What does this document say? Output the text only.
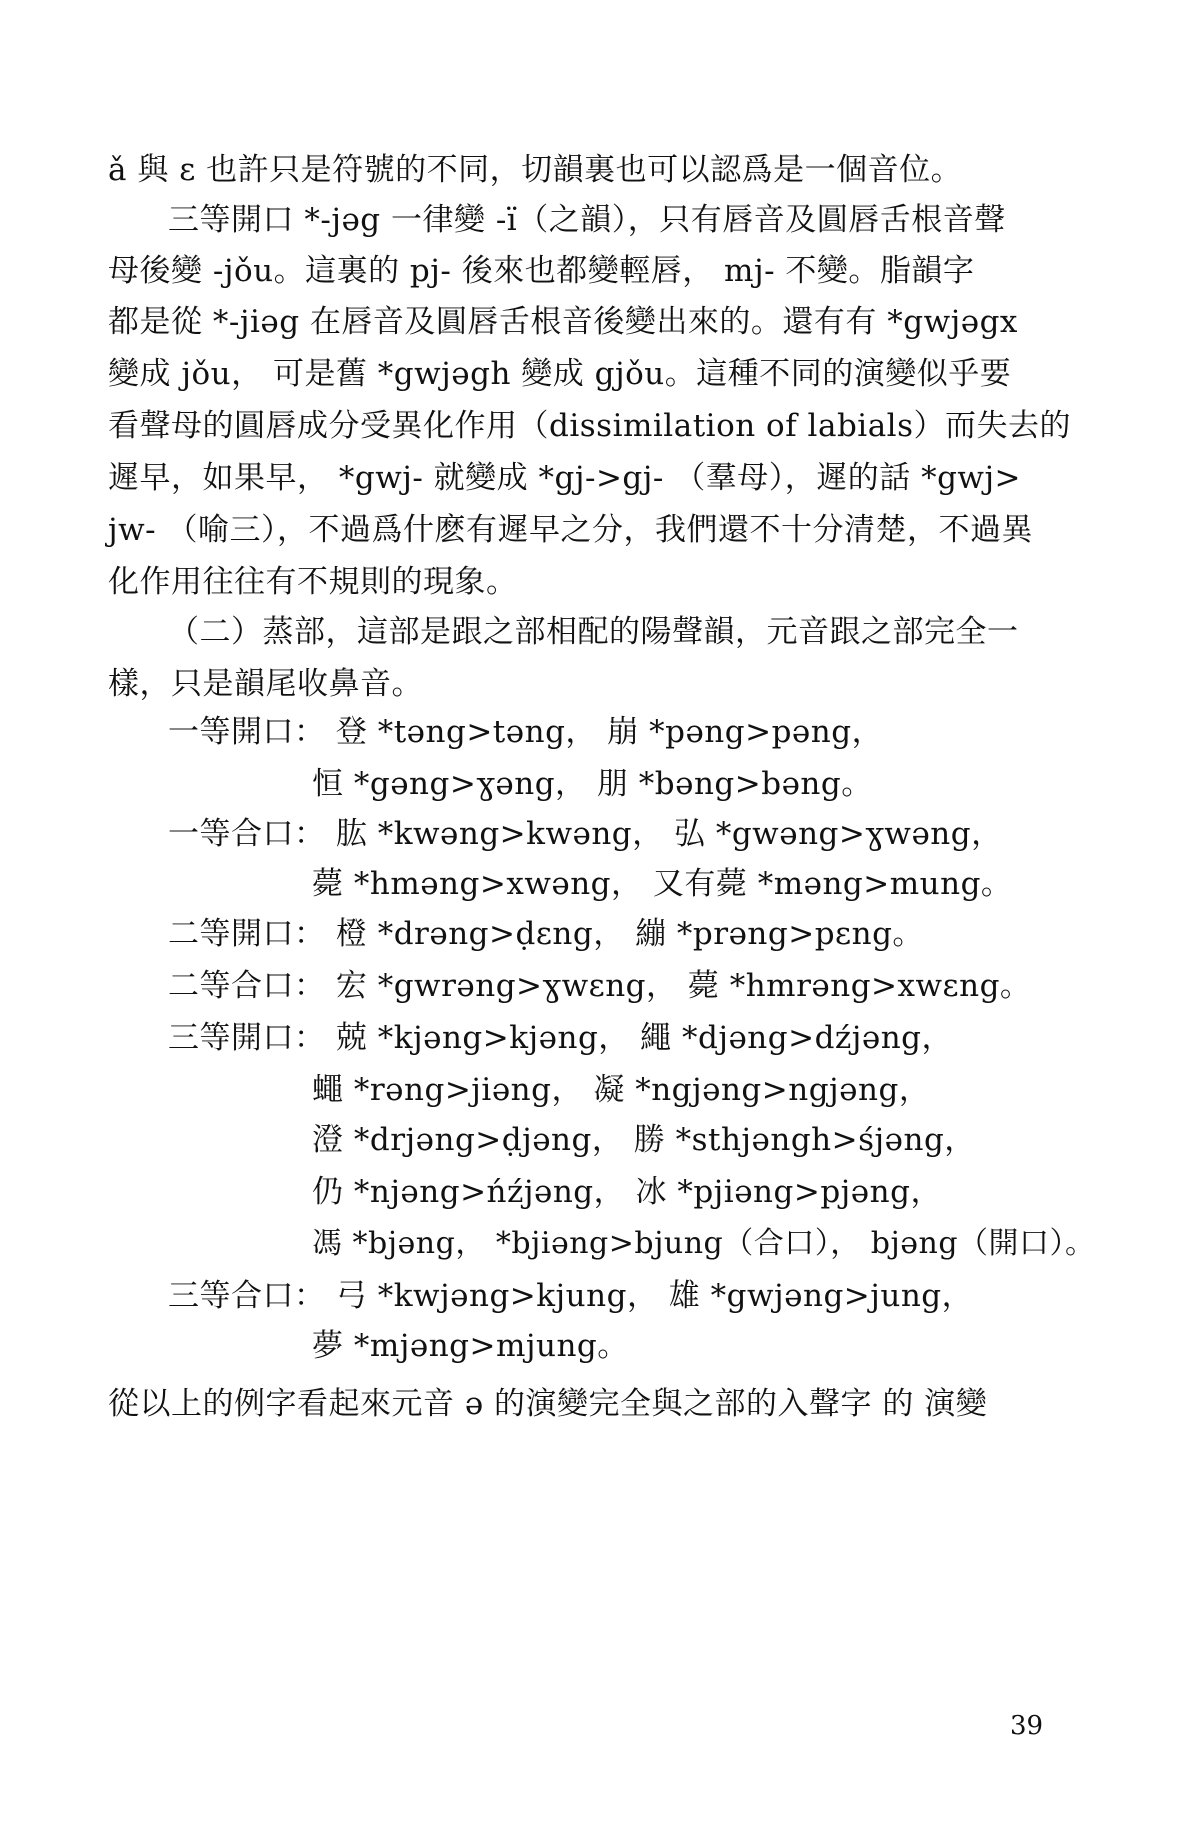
ǎ 與 ɛ 也許只是符號的不同，切韻裏也可以認爲是一個音位。
三等開口 *-jəg 一律變 -ï（之韻），只有唇音及圓唇舌根音聲
母後變 -jǒu。這裏的 pj- 後來也都變輕唇， mj- 不變。脂韻字
都是從 *-jiəg 在唇音及圓唇舌根音後變出來的。還有有 *gwjəgx
變成 jǒu， 可是舊 *gwjəgh 變成 gjǒu。這種不同的演變似乎要
看聲母的圓唇成分受異化作用（dissimilation of labials）而失去的
遲早，如果早， *gwj- 就變成 *gj->gj- （羣母），遲的話 *gwj>
jw- （喻三），不過爲什麽有遲早之分，我們還不十分清楚，不過異
化作用往往有不規則的現象。
（二）蒸部，這部是跟之部相配的陽聲韻，元音跟之部完全一
樣，只是韻尾收鼻音。
一等開口： 登 *təng>təng， 崩 *pəng>pəng，
恒 *gəng>ɣəng， 朋 *bəng>bəng。
一等合口： 肱 *kwəng>kwəng， 弘 *gwəng>ɣwəng，
薨 *hməng>xwəng， 又有薨 *məng>mung。
二等開口： 橙 *drəng>ḍɛng， 繃 *prəng>pɛng。
二等合口： 宏 *gwrəng>ɣwɛng， 薨 *hmrəng>xwɛng。
三等開口： 兢 *kjəng>kjəng， 繩 *djəng>dźjəng，
蠅 *rəng>jiəng， 凝 *ngjəng>ngjəng，
澄 *drjəng>ḍjəng， 勝 *sthjəngh>śjəng，
仍 *njəng>ńźjəng， 冰 *pjiəng>pjəng，
馮 *bjəng， *bjiəng>bjung（合口）， bjəng（開口）。
三等合口： 弓 *kwjəng>kjung， 雄 *gwjəng>jung，
夢 *mjəng>mjung。
從以上的例字看起來元音 ə 的演變完全與之部的入聲字 的 演變
39
